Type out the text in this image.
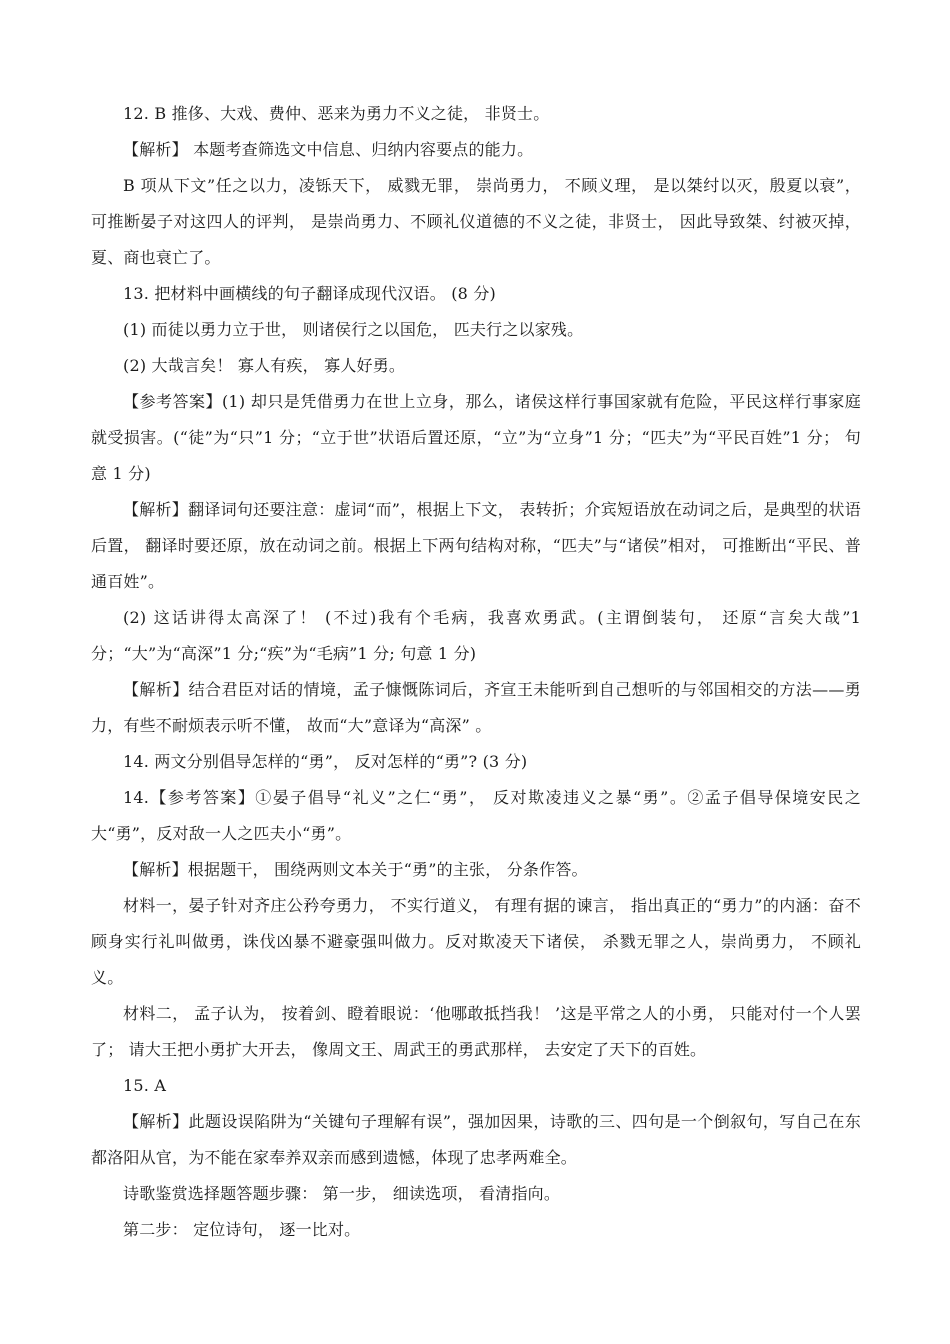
12. B 推侈、大戏、费仲、恶来为勇力不义之徒， 非贤士。

【解析】 本题考查筛选文中信息、归纳内容要点的能力。

B 项从下文”任之以力，凌铄天下， 威戮无罪， 崇尚勇力， 不顾义理， 是以桀纣以灭，殷夏以衰”， 可推断晏子对这四人的评判， 是崇尚勇力、不顾礼仪道德的不义之徒，非贤士， 因此导致桀、纣被灭掉， 夏、商也衰亡了。

13. 把材料中画横线的句子翻译成现代汉语。 (8 分)

(1) 而徒以勇力立于世， 则诸侯行之以国危， 匹夫行之以家残。

(2) 大哉言矣！ 寡人有疾， 寡人好勇。

【参考答案】(1) 却只是凭借勇力在世上立身，那么，诸侯这样行事国家就有危险，平民这样行事家庭就受损害。(“徒”为“只”1 分；“立于世”状语后置还原，“立”为“立身”1 分；“匹夫”为“平民百姓”1 分； 句意 1 分)

【解析】翻译词句还要注意：虚词“而”，根据上下文， 表转折；介宾短语放在动词之后，是典型的状语后置， 翻译时要还原，放在动词之前。根据上下两句结构对称，“匹夫”与“诸侯”相对， 可推断出“平民、普通百姓”。

(2) 这话讲得太高深了！ (不过)我有个毛病，我喜欢勇武。(主谓倒装句， 还原“言矣大哉”1 分；“大”为“高深”1 分;“疾”为“毛病”1 分; 句意 1 分)

【解析】结合君臣对话的情境，孟子慷慨陈词后，齐宣王未能听到自己想听的与邻国相交的方法——勇力，有些不耐烦表示听不懂， 故而“大”意译为“高深” 。

14. 两文分别倡导怎样的“勇”， 反对怎样的“勇”? (3 分)

14.【参考答案】①晏子倡导“礼义”之仁“勇”， 反对欺凌违义之暴“勇”。②孟子倡导保境安民之大“勇”，反对敌一人之匹夫小“勇”。

【解析】根据题干， 围绕两则文本关于“勇”的主张， 分条作答。

材料一，晏子针对齐庄公矜夸勇力， 不实行道义， 有理有据的谏言， 指出真正的“勇力”的内涵：奋不顾身实行礼叫做勇，诛伐凶暴不避豪强叫做力。反对欺凌天下诸侯， 杀戮无罪之人，崇尚勇力， 不顾礼义。

材料二， 孟子认为， 按着剑、瞪着眼说：‘他哪敢抵挡我！ ’这是平常之人的小勇， 只能对付一个人罢了； 请大王把小勇扩大开去， 像周文王、周武王的勇武那样， 去安定了天下的百姓。

15. A

【解析】此题设误陷阱为“关键句子理解有误”，强加因果，诗歌的三、四句是一个倒叙句，写自己在东都洛阳从官，为不能在家奉养双亲而感到遗憾，体现了忠孝两难全。

诗歌鉴赏选择题答题步骤： 第一步， 细读选项， 看清指向。

第二步： 定位诗句， 逐一比对。
